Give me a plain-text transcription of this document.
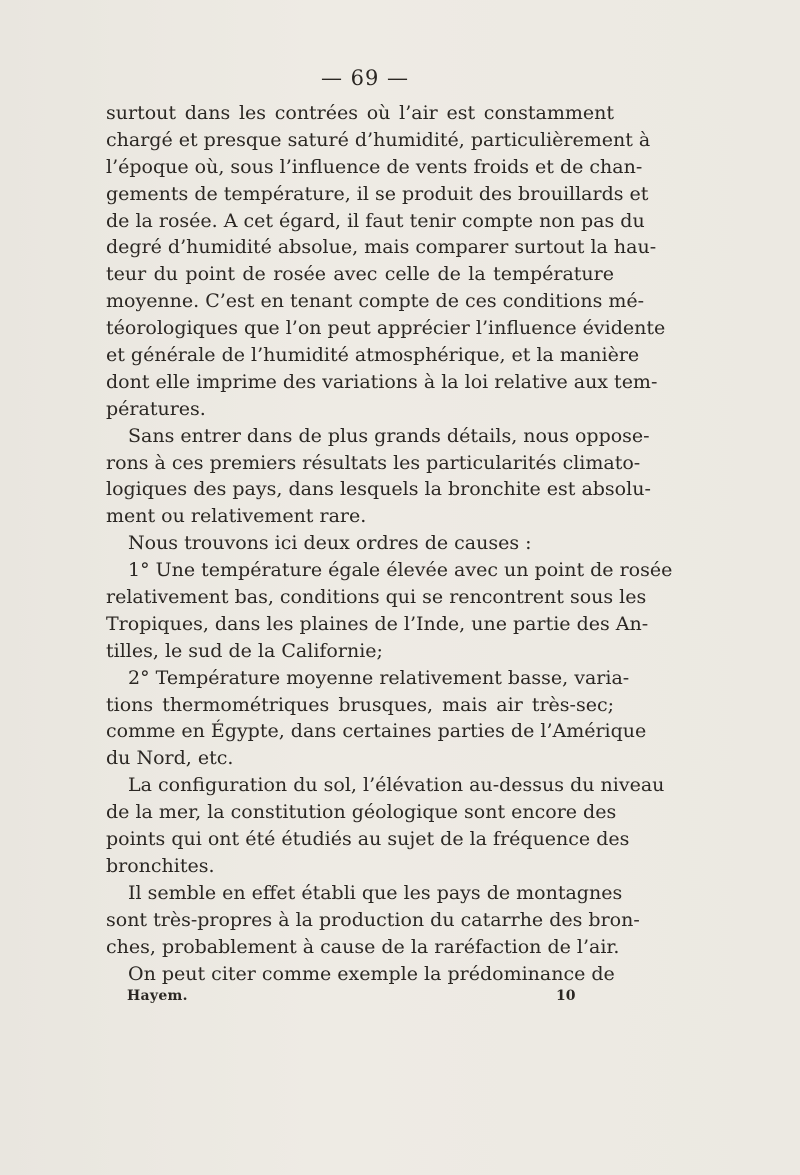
— 69 —
surtout dans les contrées où l’air est constamment
chargé et presque saturé d’humidité, particulièrement à
l’époque où, sous l’influence de vents froids et de chan-
gements de température, il se produit des brouillards et
de la rosée. A cet égard, il faut tenir compte non pas du
degré d’humidité absolue, mais comparer surtout la hau-
teur du point de rosée avec celle de la température
moyenne. C’est en tenant compte de ces conditions mé-
téorologiques que l’on peut apprécier l’influence évidente
et générale de l’humidité atmosphérique, et la manière
dont elle imprime des variations à la loi relative aux tem-
pératures.
Sans entrer dans de plus grands détails, nous oppose-
rons à ces premiers résultats les particularités climato-
logiques des pays, dans lesquels la bronchite est absolu-
ment ou relativement rare.
Nous trouvons ici deux ordres de causes :
1° Une température égale élevée avec un point de rosée
relativement bas, conditions qui se rencontrent sous les
Tropiques, dans les plaines de l’Inde, une partie des An-
tilles, le sud de la Californie;
2° Température moyenne relativement basse, varia-
tions thermométriques brusques, mais air très-sec;
comme en Égypte, dans certaines parties de l’Amérique
du Nord, etc.
La configuration du sol, l’élévation au-dessus du niveau
de la mer, la constitution géologique sont encore des
points qui ont été étudiés au sujet de la fréquence des
bronchites.
Il semble en effet établi que les pays de montagnes
sont très-propres à la production du catarrhe des bron-
ches, probablement à cause de la raréfaction de l’air.
On peut citer comme exemple la prédominance de
Hayem.	10
